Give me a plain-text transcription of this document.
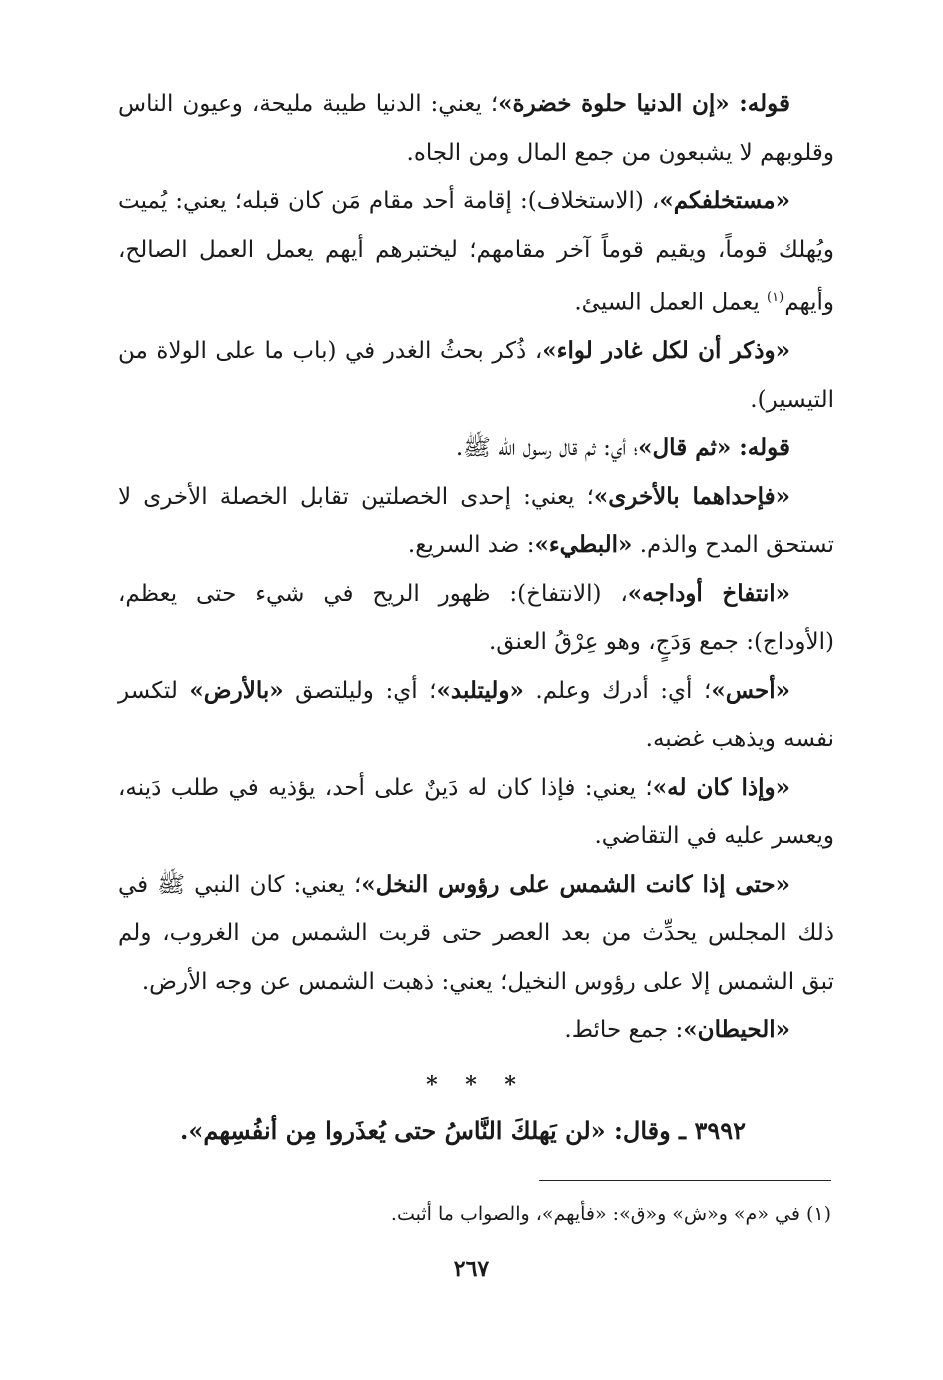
قوله: «إن الدنيا حلوة خضرة»؛ يعني: الدنيا طيبة مليحة، وعيون الناس وقلوبهم لا يشبعون من جمع المال ومن الجاه.

«مستخلفكم»، (الاستخلاف): إقامة أحد مقام مَن كان قبله؛ يعني: يُميت ويُهلك قوماً، ويقيم قوماً آخر مقامهم؛ ليختبرهم أيهم يعمل العمل الصالح، وأيهم$^{(١)}$ يعمل العمل السيئ.

«وذكر أن لكل غادر لواء»، ذُكر بحثُ الغدر في (باب ما على الولاة من التيسير).

قوله: «ثم قال»؛ أي: ثم قال رسول الله ﷺ.

«فإحداهما بالأخرى»؛ يعني: إحدى الخصلتين تقابل الخصلة الأخرى لا تستحق المدح والذم. «البطيء»: ضد السريع.

«انتفاخ أوداجه»، (الانتفاخ): ظهور الريح في شيء حتى يعظم، (الأوداج): جمع وَدَجٍ، وهو عِرْقُ العنق.

«أحس»؛ أي: أدرك وعلم. «وليتلبد»؛ أي: وليلتصق «بالأرض» لتكسر نفسه ويذهب غضبه.

«وإذا كان له»؛ يعني: فإذا كان له دَينٌ على أحد، يؤذيه في طلب دَينه، ويعسر عليه في التقاضي.

«حتى إذا كانت الشمس على رؤوس النخل»؛ يعني: كان النبي ﷺ في ذلك المجلس يحدِّث من بعد العصر حتى قربت الشمس من الغروب، ولم تبق الشمس إلا على رؤوس النخيل؛ يعني: ذهبت الشمس عن وجه الأرض.

«الحيطان»: جمع حائط.

* * *

٣٩٩٢ ـ وقال: «لن يَهلكَ النَّاسُ حتى يُعذَروا مِن أنفُسِهم».

(١) في «م» و«ش» و«ق»: «فأيهم»، والصواب ما أثبت.
٢٦٧
